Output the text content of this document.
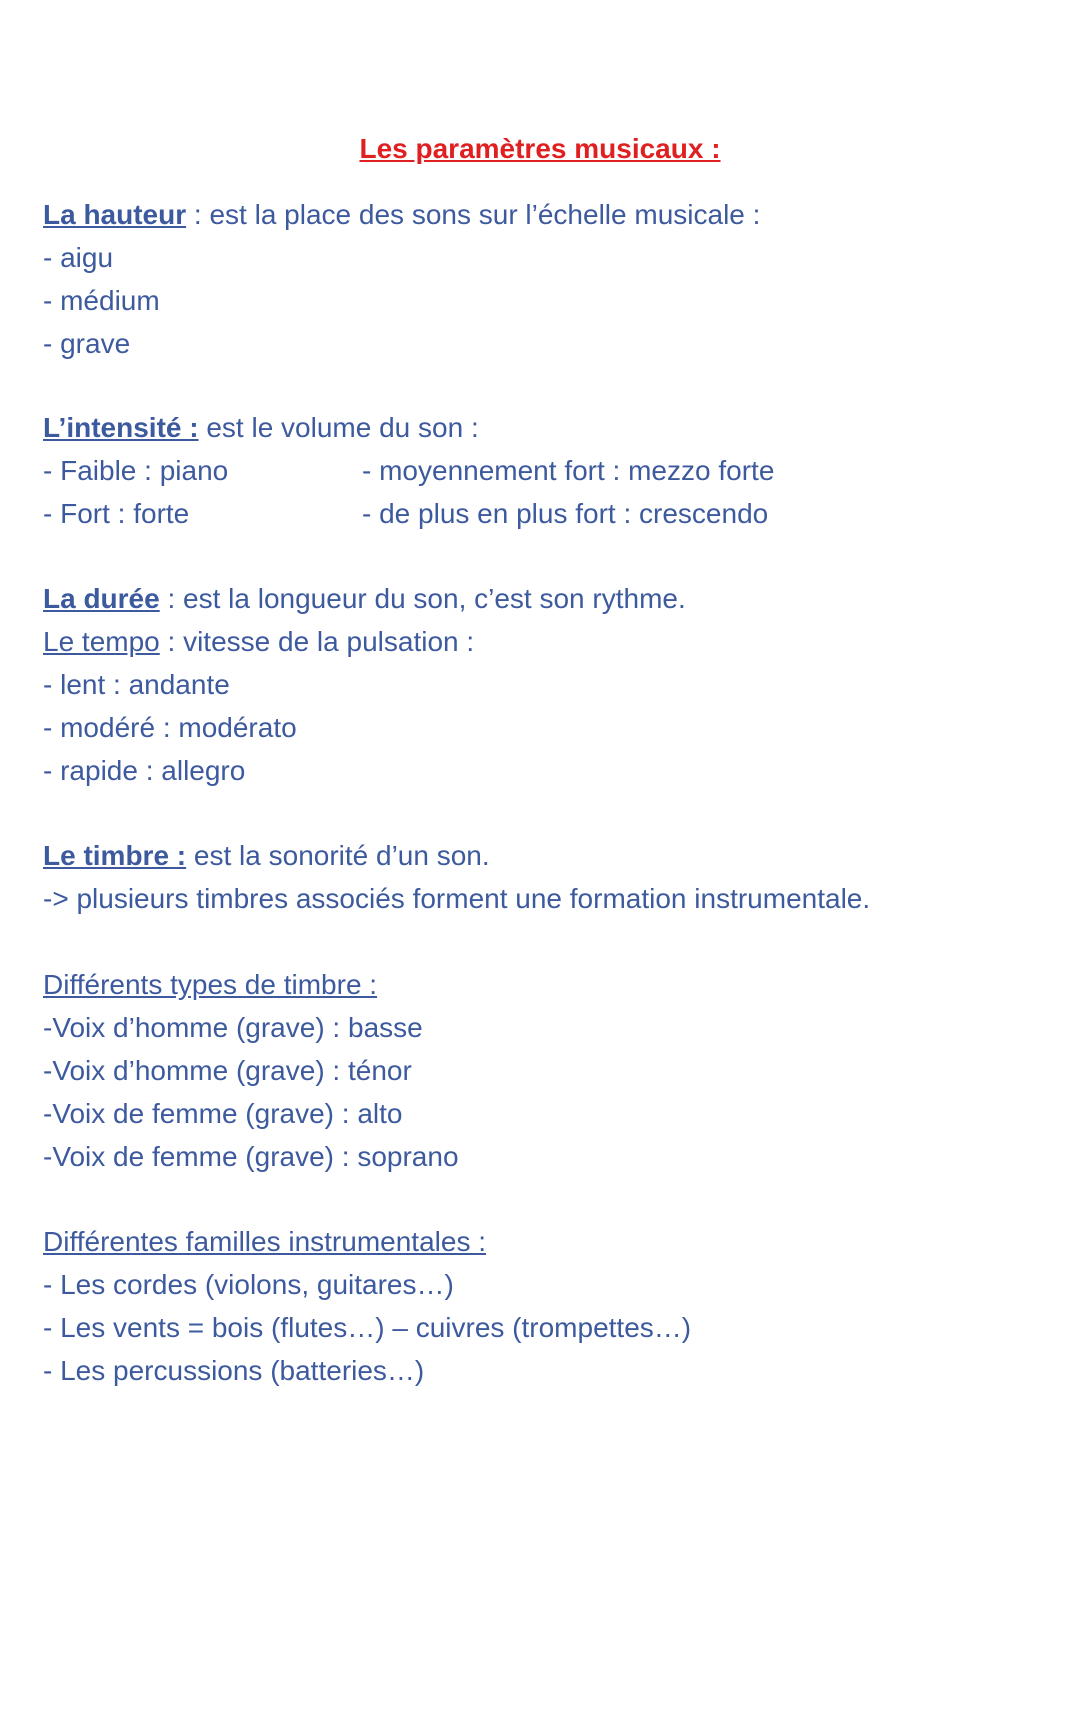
Les paramètres musicaux :
La hauteur : est la place des sons sur l’échelle musicale :
- aigu
- médium
- grave
L’intensité : est le volume du son :
- Faible : piano	- moyennement fort : mezzo forte
- Fort : forte	- de plus en plus fort : crescendo
La durée : est la longueur du son, c’est son rythme.
Le tempo : vitesse de la pulsation :
- lent : andante
- modéré : modérato
- rapide : allegro
Le timbre : est la sonorité d’un son.
-> plusieurs timbres associés forment une formation instrumentale.
Différents types de timbre :
-Voix d’homme (grave) : basse
-Voix d’homme (grave) : ténor
-Voix de femme (grave) : alto
-Voix de femme (grave) : soprano
Différentes familles instrumentales :
- Les cordes (violons, guitares…)
- Les vents = bois (flutes…) – cuivres (trompettes…)
- Les percussions (batteries…)
